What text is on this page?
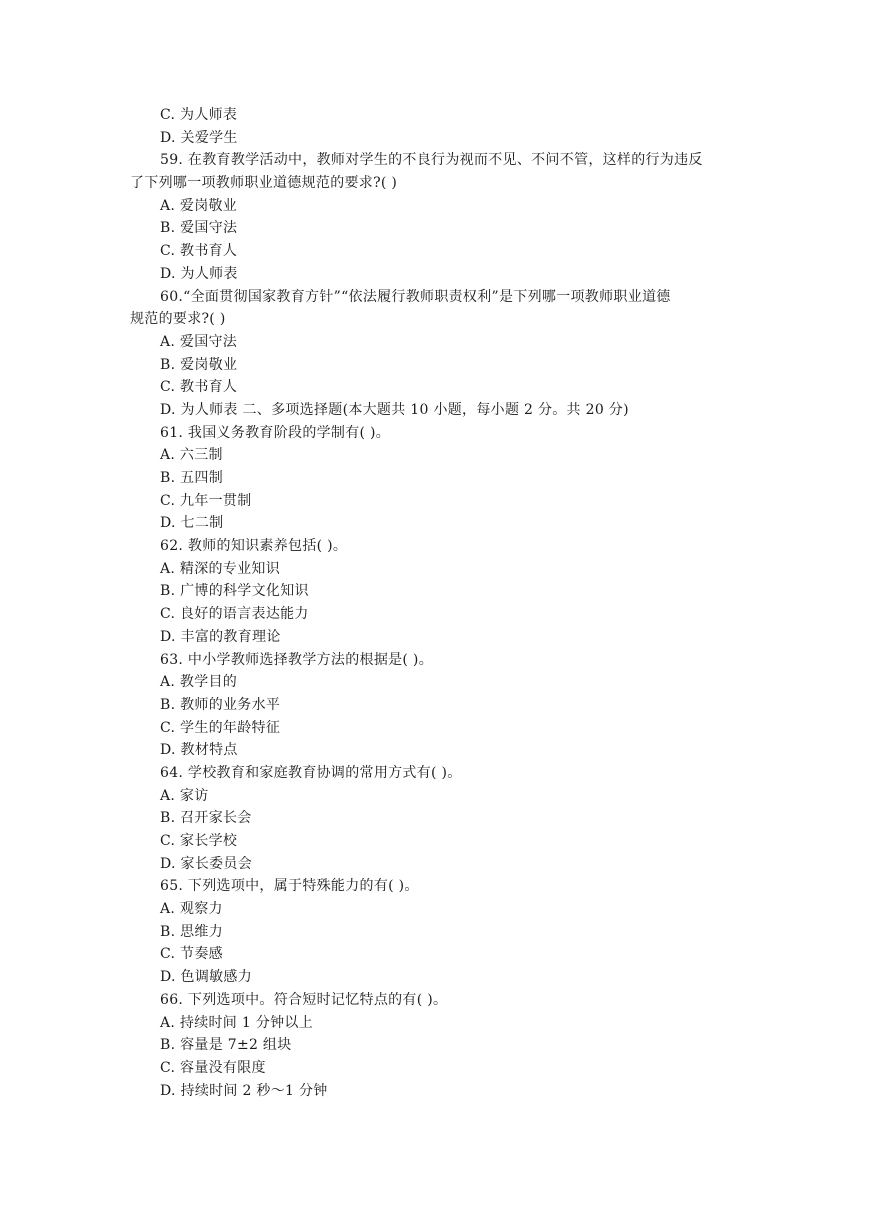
C. 为人师表
D. 关爱学生
59. 在教育教学活动中，教师对学生的不良行为视而不见、不问不管，这样的行为违反
了下列哪一项教师职业道德规范的要求?( )
A. 爱岗敬业
B. 爱国守法
C. 教书育人
D. 为人师表
60.“全面贯彻国家教育方针”“依法履行教师职责权利”是下列哪一项教师职业道德
规范的要求?( )
A. 爱国守法
B. 爱岗敬业
C. 教书育人
D. 为人师表 二、多项选择题(本大题共 10 小题，每小题 2 分。共 20 分)
61. 我国义务教育阶段的学制有( )。
A. 六三制
B. 五四制
C. 九年一贯制
D. 七二制
62. 教师的知识素养包括( )。
A. 精深的专业知识
B. 广博的科学文化知识
C. 良好的语言表达能力
D. 丰富的教育理论
63. 中小学教师选择教学方法的根据是( )。
A. 教学目的
B. 教师的业务水平
C. 学生的年龄特征
D. 教材特点
64. 学校教育和家庭教育协调的常用方式有( )。
A. 家访
B. 召开家长会
C. 家长学校
D. 家长委员会
65. 下列选项中，属于特殊能力的有( )。
A. 观察力
B. 思维力
C. 节奏感
D. 色调敏感力
66. 下列选项中。符合短时记忆特点的有( )。
A. 持续时间 1 分钟以上
B. 容量是 7±2 组块
C. 容量没有限度
D. 持续时间 2 秒～1 分钟
